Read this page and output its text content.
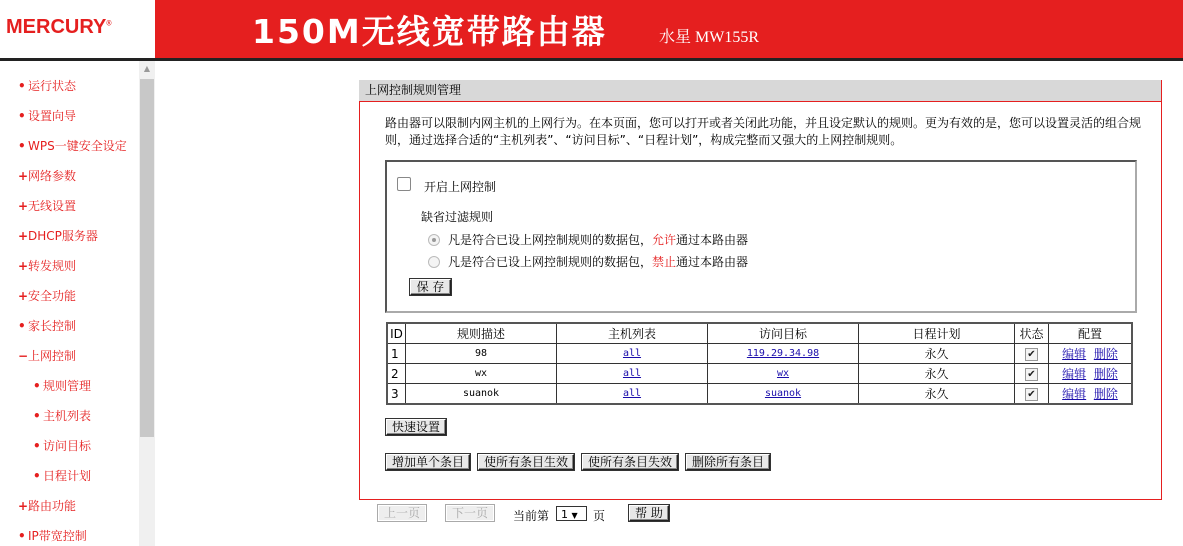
MERCURY®	150M无线宽带路由器	水星 MW155R
• 运行状态
• 设置向导
• WPS一键安全设定
+网络参数
+无线设置
+DHCP服务器
+转发规则
+安全功能
• 家长控制
−上网控制
• 规则管理
• 主机列表
• 访问目标
• 日程计划
+路由功能
• IP带宽控制
▲
上网控制规则管理
路由器可以限制内网主机的上网行为。在本页面，您可以打开或者关闭此功能，并且设定默认的规则。更为有效的是，您可以设置灵活的组合规则，通过选择合适的“主机列表”、“访问目标”、“日程计划”，构成完整而又强大的上网控制规则。
开启上网控制
缺省过滤规则
凡是符合已设上网控制规则的数据包，允许通过本路由器
凡是符合已设上网控制规则的数据包，禁止通过本路由器
保 存
ID	规则描述	主机列表	访问目标	日程计划	状态	配置
1	98	all	119.29.34.98	永久	✔	编辑 删除
2	wx	all	wx	永久	✔	编辑 删除
3	suanok	all	suanok	永久	✔	编辑 删除
快速设置
增加单个条目	使所有条目生效	使所有条目失效	删除所有条目
上一页	下一页	当前第	1 ▼	页	帮 助
